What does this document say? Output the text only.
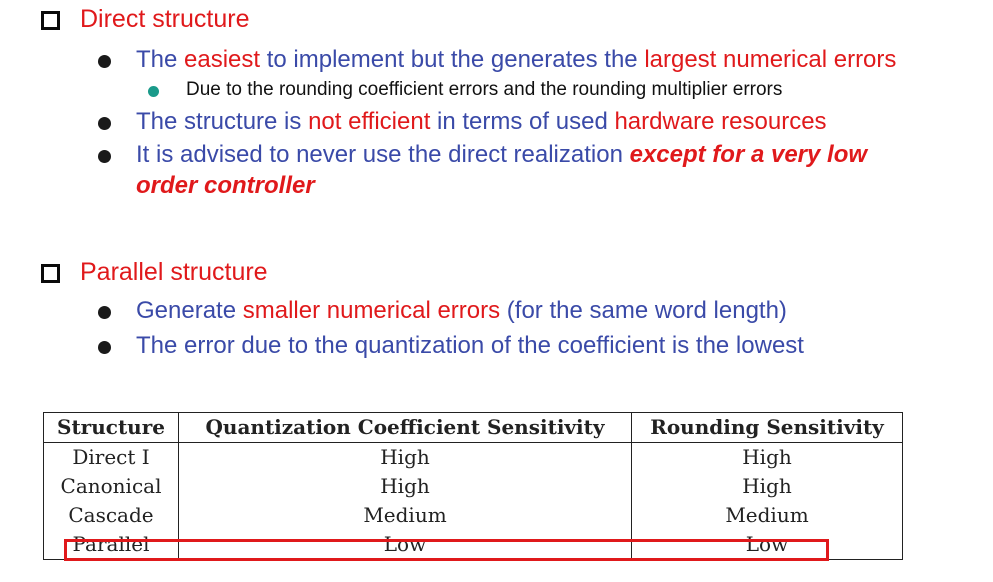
Direct structure
The easiest to implement but the generates the largest numerical errors
Due to the rounding coefficient errors and the rounding multiplier errors
The structure is not efficient in terms of used hardware resources
It is advised to never use the direct realization except for a very low
order controller
Parallel structure
Generate smaller numerical errors (for the same word length)
The error due to the quantization of the coefficient is the lowest
Structure	Quantization Coefficient Sensitivity	Rounding Sensitivity
Direct I	High	High
Canonical	High	High
Cascade	Medium	Medium
Parallel	Low	Low
